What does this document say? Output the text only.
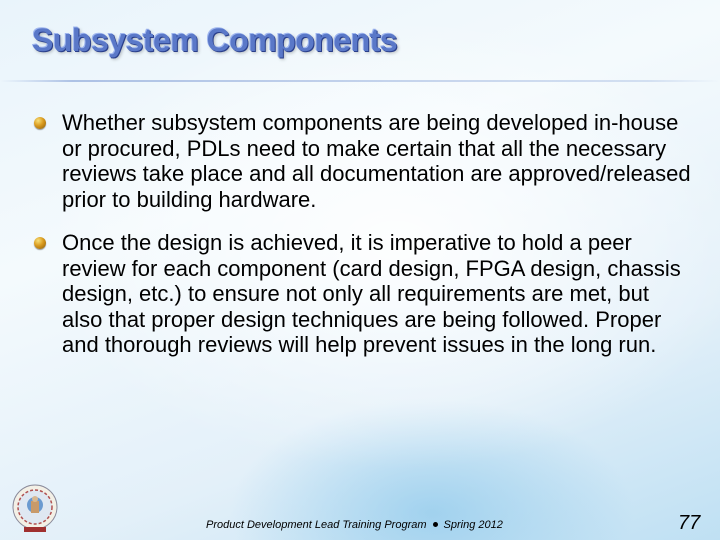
Subsystem Components
Whether subsystem components are being developed in-house or procured, PDLs need to make certain that all the necessary reviews take place and all documentation are approved/released prior to building hardware.
Once the design is achieved, it is imperative to hold a peer review for each component (card design, FPGA design, chassis design, etc.) to ensure not only all requirements are met, but also that proper design techniques are being followed. Proper and thorough reviews will help prevent issues in the long run.
Product Development Lead Training Program Spring 2012	77
